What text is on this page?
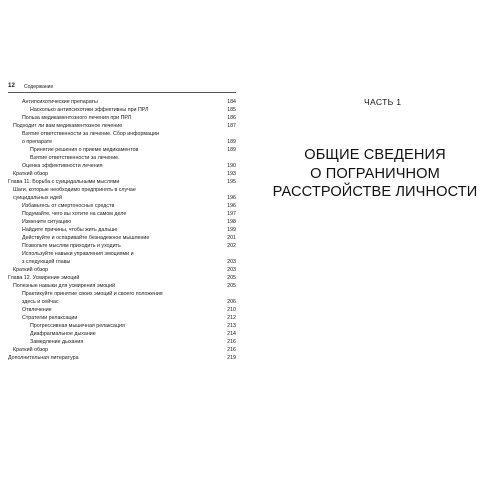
12 Содержание
Антипсихотические препараты	184
Насколько антипсихотики эффективны при ПРЛ	185
Польза медикаментозного лечения при ПРЛ	186
Подходит ли вам медикаментозное лечение	187
Взятие ответственности за лечение. Сбор информации
о препарате	189
Принятие решения о приеме медикаментов	189
Взятие ответственности за лечение.
Оценка эффективности лечения	190
Краткий обзор	193
Глава 11. Борьба с суицидальными мыслями	195
Шаги, которые необходимо предпринять в случае
суицидальных идей	196
Избавьтесь от смертоносных средств	196
Подумайте, чего вы хотите на самом деле	197
Измените ситуацию	198
Найдите причины, чтобы жить дальше	199
Действуйте и оспаривайте безнадежное мышление	201
Позвольте мыслям приходить и уходить	202
Используйте навыки управления эмоциями и
з следующей главы	203
Краткий обзор	203
Глава 12. Усмирение эмоций	205
Полезные навыки для усмирения эмоций	205
Практикуйте принятие своих эмоций и своего положения
здесь и сейчас	206
Отвлечение	210
Стратегии релаксации	212
Прогрессивная мышечная релаксация	213
Диафрагмальное дыхание	214
Замедление дыхания	216
Краткий обзор	216
Дополнительная литература	219
ЧАСТЬ 1
ОБЩИЕ СВЕДЕНИЯ
О ПОГРАНИЧНОМ
РАССТРОЙСТВЕ ЛИЧНОСТИ
